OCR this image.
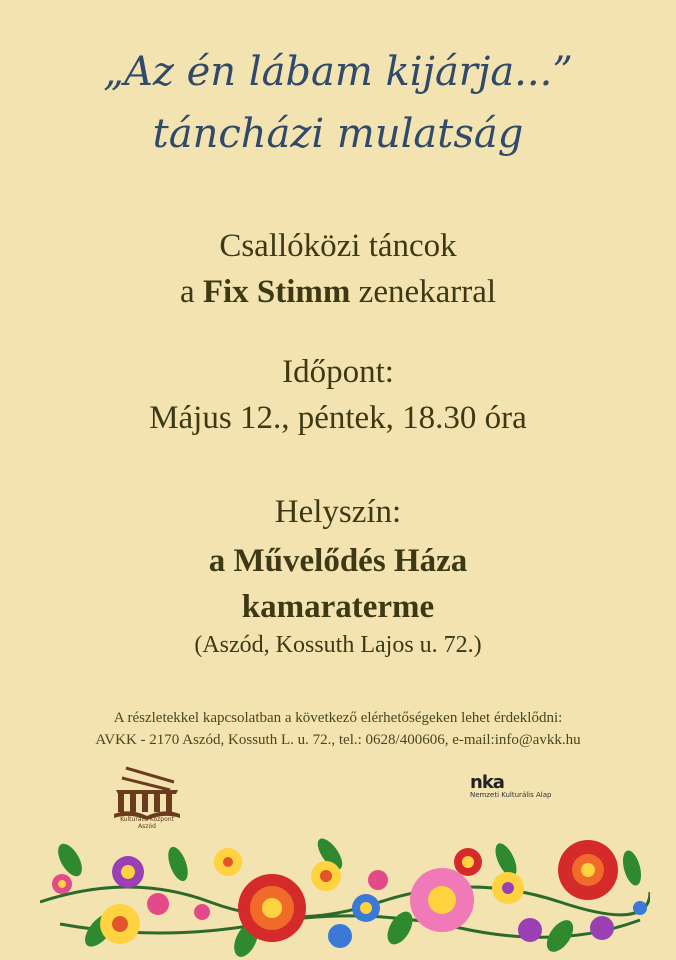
„Az én lábam kijárja...”
táncházi mulatság
Csallóközi táncok
a Fix Stimm zenekarral
Időpont:
Május 12., péntek, 18.30 óra
Helyszín:
a Művelődés Háza
kamaraterme
(Aszód, Kossuth Lajos u. 72.)
A részletekkel kapcsolatban a következő elérhetőségeken lehet érdeklődni:
AVKK - 2170 Aszód, Kossuth L. u. 72., tel.: 0628/400606, e-mail:info@avkk.hu
Kulturális Központ
Aszód
nka
Nemzeti Kulturális Alap
